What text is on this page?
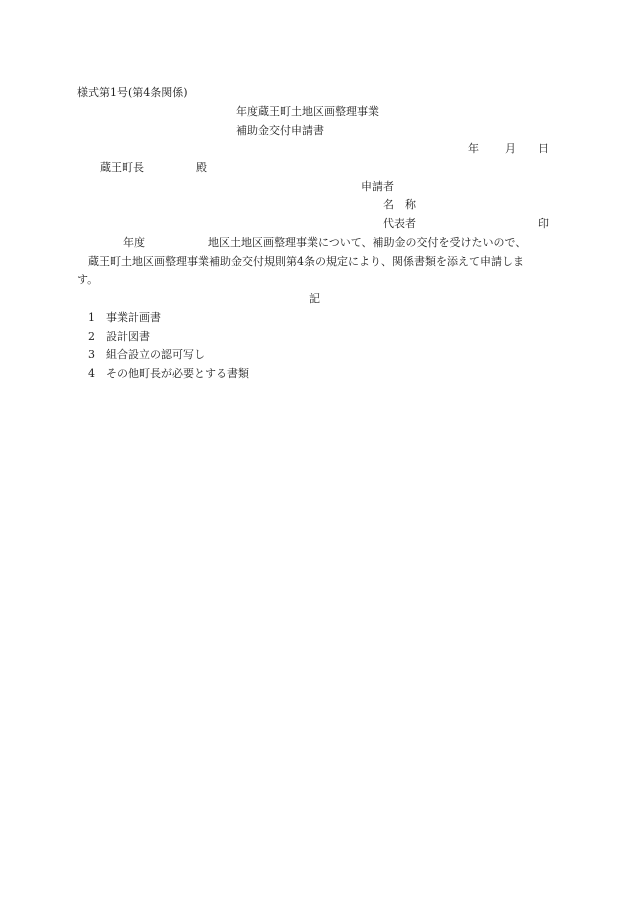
様式第1号(第4条関係)
年度蔵王町土地区画整理事業
補助金交付申請書
年 月 日
蔵王町長	殿
申請者
名　称
代表者	印
年度	地区土地区画整理事業について、補助金の交付を受けたいので、
蔵王町土地区画整理事業補助金交付規則第4条の規定により、関係書類を添えて申請しま
す。
記
1 事業計画書
2 設計図書
3 組合設立の認可写し
4 その他町長が必要とする書類
